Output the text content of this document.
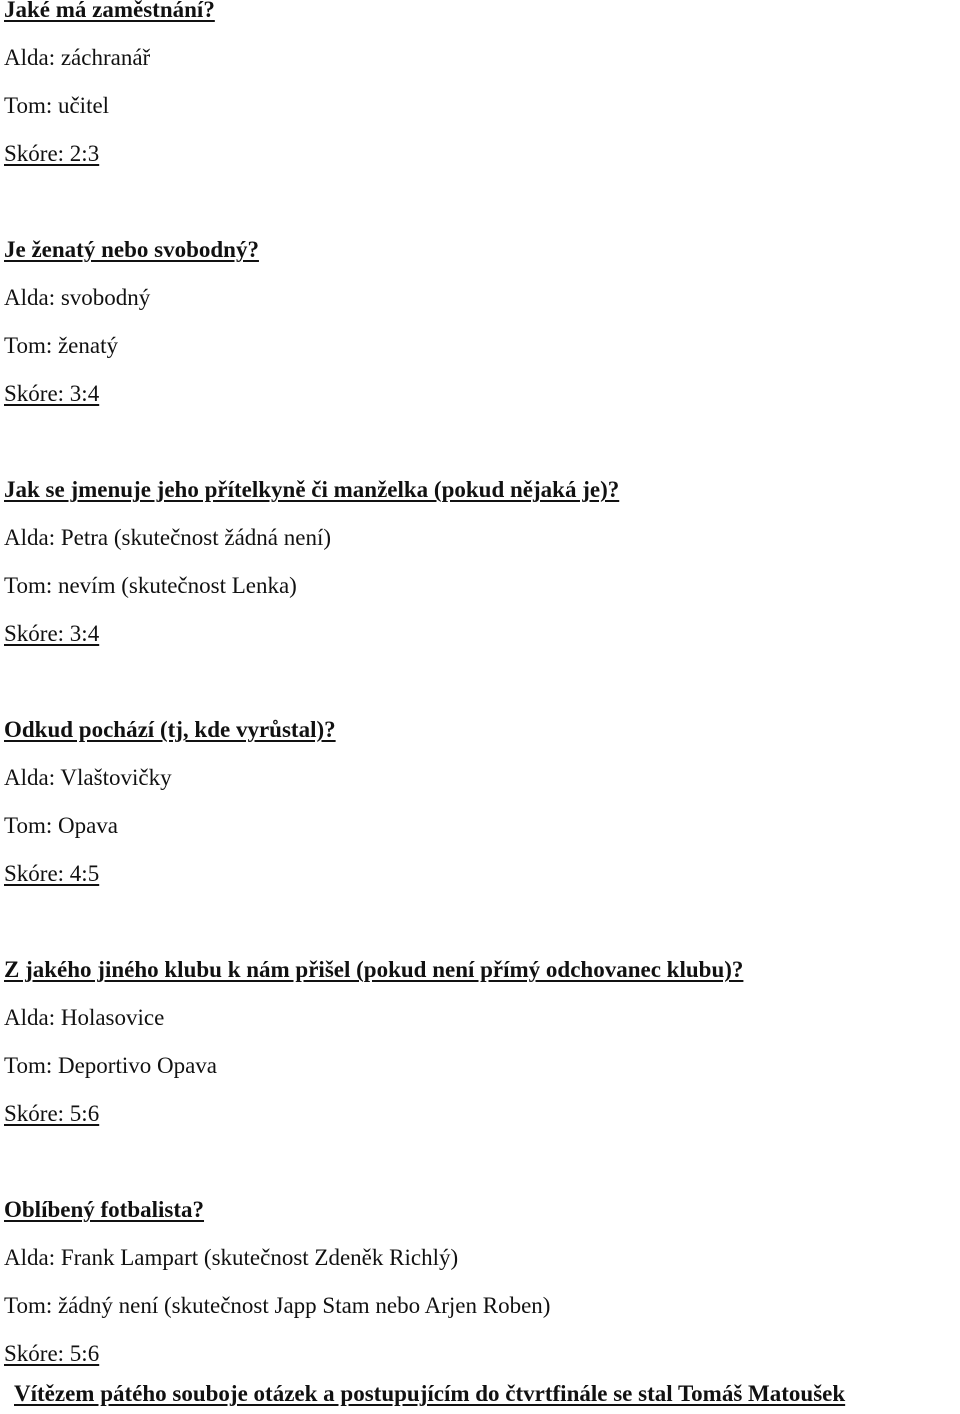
Jaké má zaměstnání?
Alda: záchranář
Tom: učitel
Skóre: 2:3
Je ženatý nebo svobodný?
Alda: svobodný
Tom: ženatý
Skóre: 3:4
Jak se jmenuje jeho přítelkyně či manželka (pokud nějaká je)?
Alda: Petra (skutečnost žádná není)
Tom: nevím (skutečnost Lenka)
Skóre: 3:4
Odkud pochází (tj, kde vyrůstal)?
Alda: Vlaštovičky
Tom: Opava
Skóre: 4:5
Z jakého jiného klubu k nám přišel (pokud není přímý odchovanec klubu)?
Alda: Holasovice
Tom: Deportivo Opava
Skóre: 5:6
Oblíbený fotbalista?
Alda: Frank Lampart (skutečnost Zdeněk Richlý)
Tom: žádný není (skutečnost Japp Stam nebo Arjen Roben)
Skóre: 5:6
Vítězem pátého souboje otázek a postupujícím do čtvrtfinále se stal Tomáš Matoušek
